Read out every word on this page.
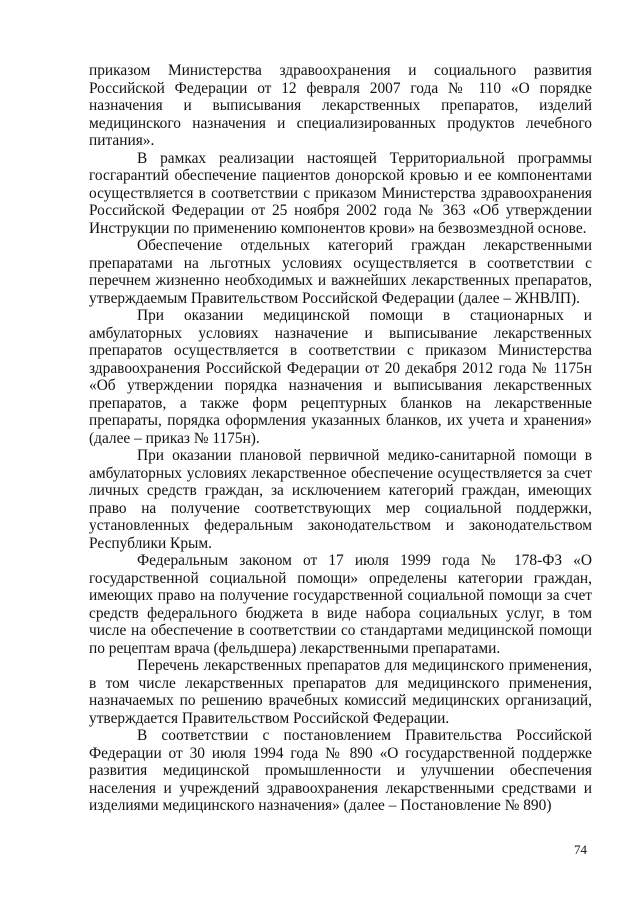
приказом Министерства здравоохранения и социального развития Российской Федерации от 12 февраля 2007 года № 110 «О порядке назначения и выписывания лекарственных препаратов, изделий медицинского назначения и специализированных продуктов лечебного питания».

В рамках реализации настоящей Территориальной программы госгарантий обеспечение пациентов донорской кровью и ее компонентами осуществляется в соответствии с приказом Министерства здравоохранения Российской Федерации от 25 ноября 2002 года № 363 «Об утверждении Инструкции по применению компонентов крови» на безвозмездной основе.

Обеспечение отдельных категорий граждан лекарственными препаратами на льготных условиях осуществляется в соответствии с перечнем жизненно необходимых и важнейших лекарственных препаратов, утверждаемым Правительством Российской Федерации (далее – ЖНВЛП).

При оказании медицинской помощи в стационарных и амбулаторных условиях назначение и выписывание лекарственных препаратов осуществляется в соответствии с приказом Министерства здравоохранения Российской Федерации от 20 декабря 2012 года № 1175н «Об утверждении порядка назначения и выписывания лекарственных препаратов, а также форм рецептурных бланков на лекарственные препараты, порядка оформления указанных бланков, их учета и хранения» (далее – приказ № 1175н).

При оказании плановой первичной медико-санитарной помощи в амбулаторных условиях лекарственное обеспечение осуществляется за счет личных средств граждан, за исключением категорий граждан, имеющих право на получение соответствующих мер социальной поддержки, установленных федеральным законодательством и законодательством Республики Крым.

Федеральным законом от 17 июля 1999 года № 178-ФЗ «О государственной социальной помощи» определены категории граждан, имеющих право на получение государственной социальной помощи за счет средств федерального бюджета в виде набора социальных услуг, в том числе на обеспечение в соответствии со стандартами медицинской помощи по рецептам врача (фельдшера) лекарственными препаратами.

Перечень лекарственных препаратов для медицинского применения, в том числе лекарственных препаратов для медицинского применения, назначаемых по решению врачебных комиссий медицинских организаций, утверждается Правительством Российской Федерации.

В соответствии с постановлением Правительства Российской Федерации от 30 июля 1994 года № 890 «О государственной поддержке развития медицинской промышленности и улучшении обеспечения населения и учреждений здравоохранения лекарственными средствами и изделиями медицинского назначения» (далее – Постановление № 890)

74
